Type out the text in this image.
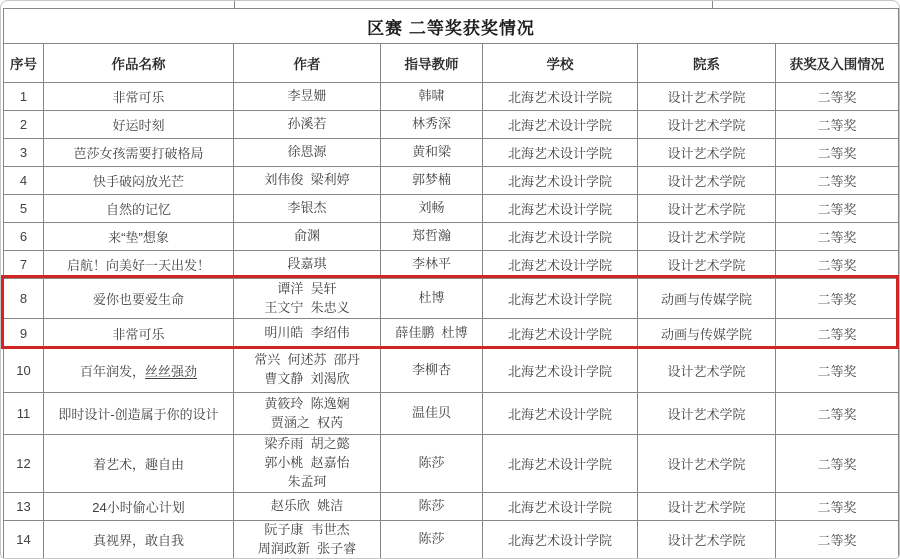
区赛 二等奖获奖情况						
序号	作品名称	作者	指导教师	学校	院系	获奖及入围情况
1	非常可乐	李昱姗	韩啸	北海艺术设计学院	设计艺术学院	二等奖
2	好运时刻	孙溪若	林秀深	北海艺术设计学院	设计艺术学院	二等奖
3	芭莎女孩需要打破格局	徐恩源	黄和梁	北海艺术设计学院	设计艺术学院	二等奖
4	快手破闷放光芒	刘伟俊  梁利婷	郭梦楠	北海艺术设计学院	设计艺术学院	二等奖
5	自然的记忆	李银杰	刘畅	北海艺术设计学院	设计艺术学院	二等奖
6	来“垫”想象	俞渊	郑哲瀚	北海艺术设计学院	设计艺术学院	二等奖
7	启航！向美好一天出发！	段嘉琪	李林平	北海艺术设计学院	设计艺术学院	二等奖
8	爱你也要爱生命	谭洋  吴轩
王文宁  朱忠义	杜博	北海艺术设计学院	动画与传媒学院	二等奖
9	非常可乐	明川皓  李绍伟	薛佳鹏  杜博	北海艺术设计学院	动画与传媒学院	二等奖
10	百年润发，丝丝强劲	常兴  何述苏  邵丹
曹文静  刘渴欣	李柳杏	北海艺术设计学院	设计艺术学院	二等奖
11	即时设计-创造属于你的设计	黄筱玲  陈逸娴
贾涵之  权芮	温佳贝	北海艺术设计学院	设计艺术学院	二等奖
12	着艺术，趣自由	梁乔雨  胡之懿
郭小桃  赵嘉怡
朱孟珂	陈莎	北海艺术设计学院	设计艺术学院	二等奖
13	24小时偷心计划	赵乐欣  姚洁	陈莎	北海艺术设计学院	设计艺术学院	二等奖
14	真视界，敢自我	阮子康  韦世杰
周润政新  张子睿	陈莎	北海艺术设计学院	设计艺术学院	二等奖
